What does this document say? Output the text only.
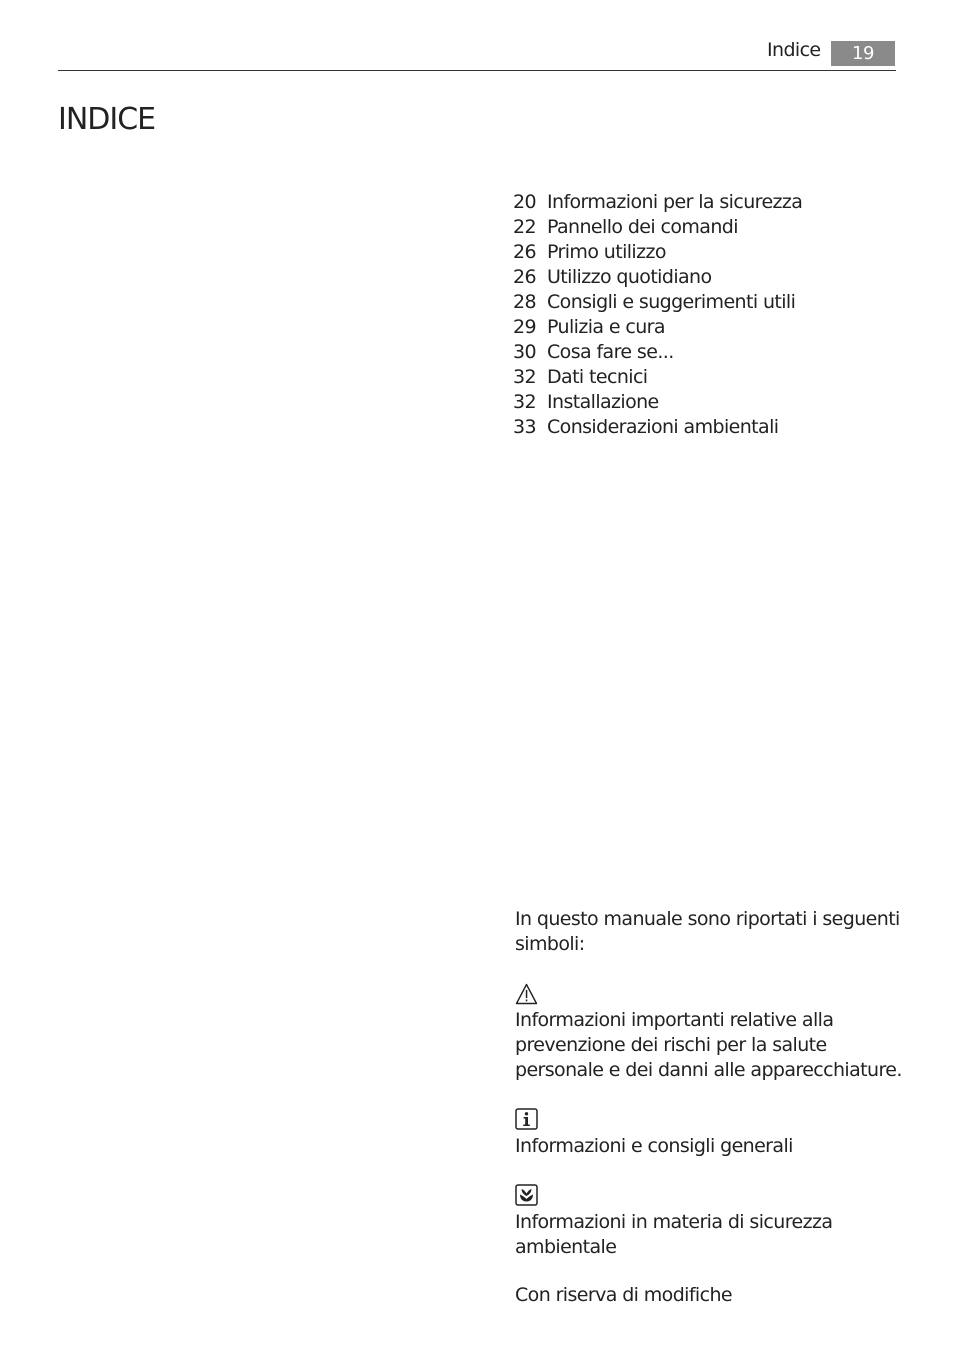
Indice	19
INDICE
20 Informazioni per la sicurezza
22 Pannello dei comandi
26 Primo utilizzo
26 Utilizzo quotidiano
28 Consigli e suggerimenti utili
29 Pulizia e cura
30 Cosa fare se...
32 Dati tecnici
32 Installazione
33 Considerazioni ambientali

In questo manuale sono riportati i seguenti simboli:

Informazioni importanti relative alla prevenzione dei rischi per la salute personale e dei danni alle apparecchiature.

Informazioni e consigli generali

Informazioni in materia di sicurezza ambientale

Con riserva di modifiche
